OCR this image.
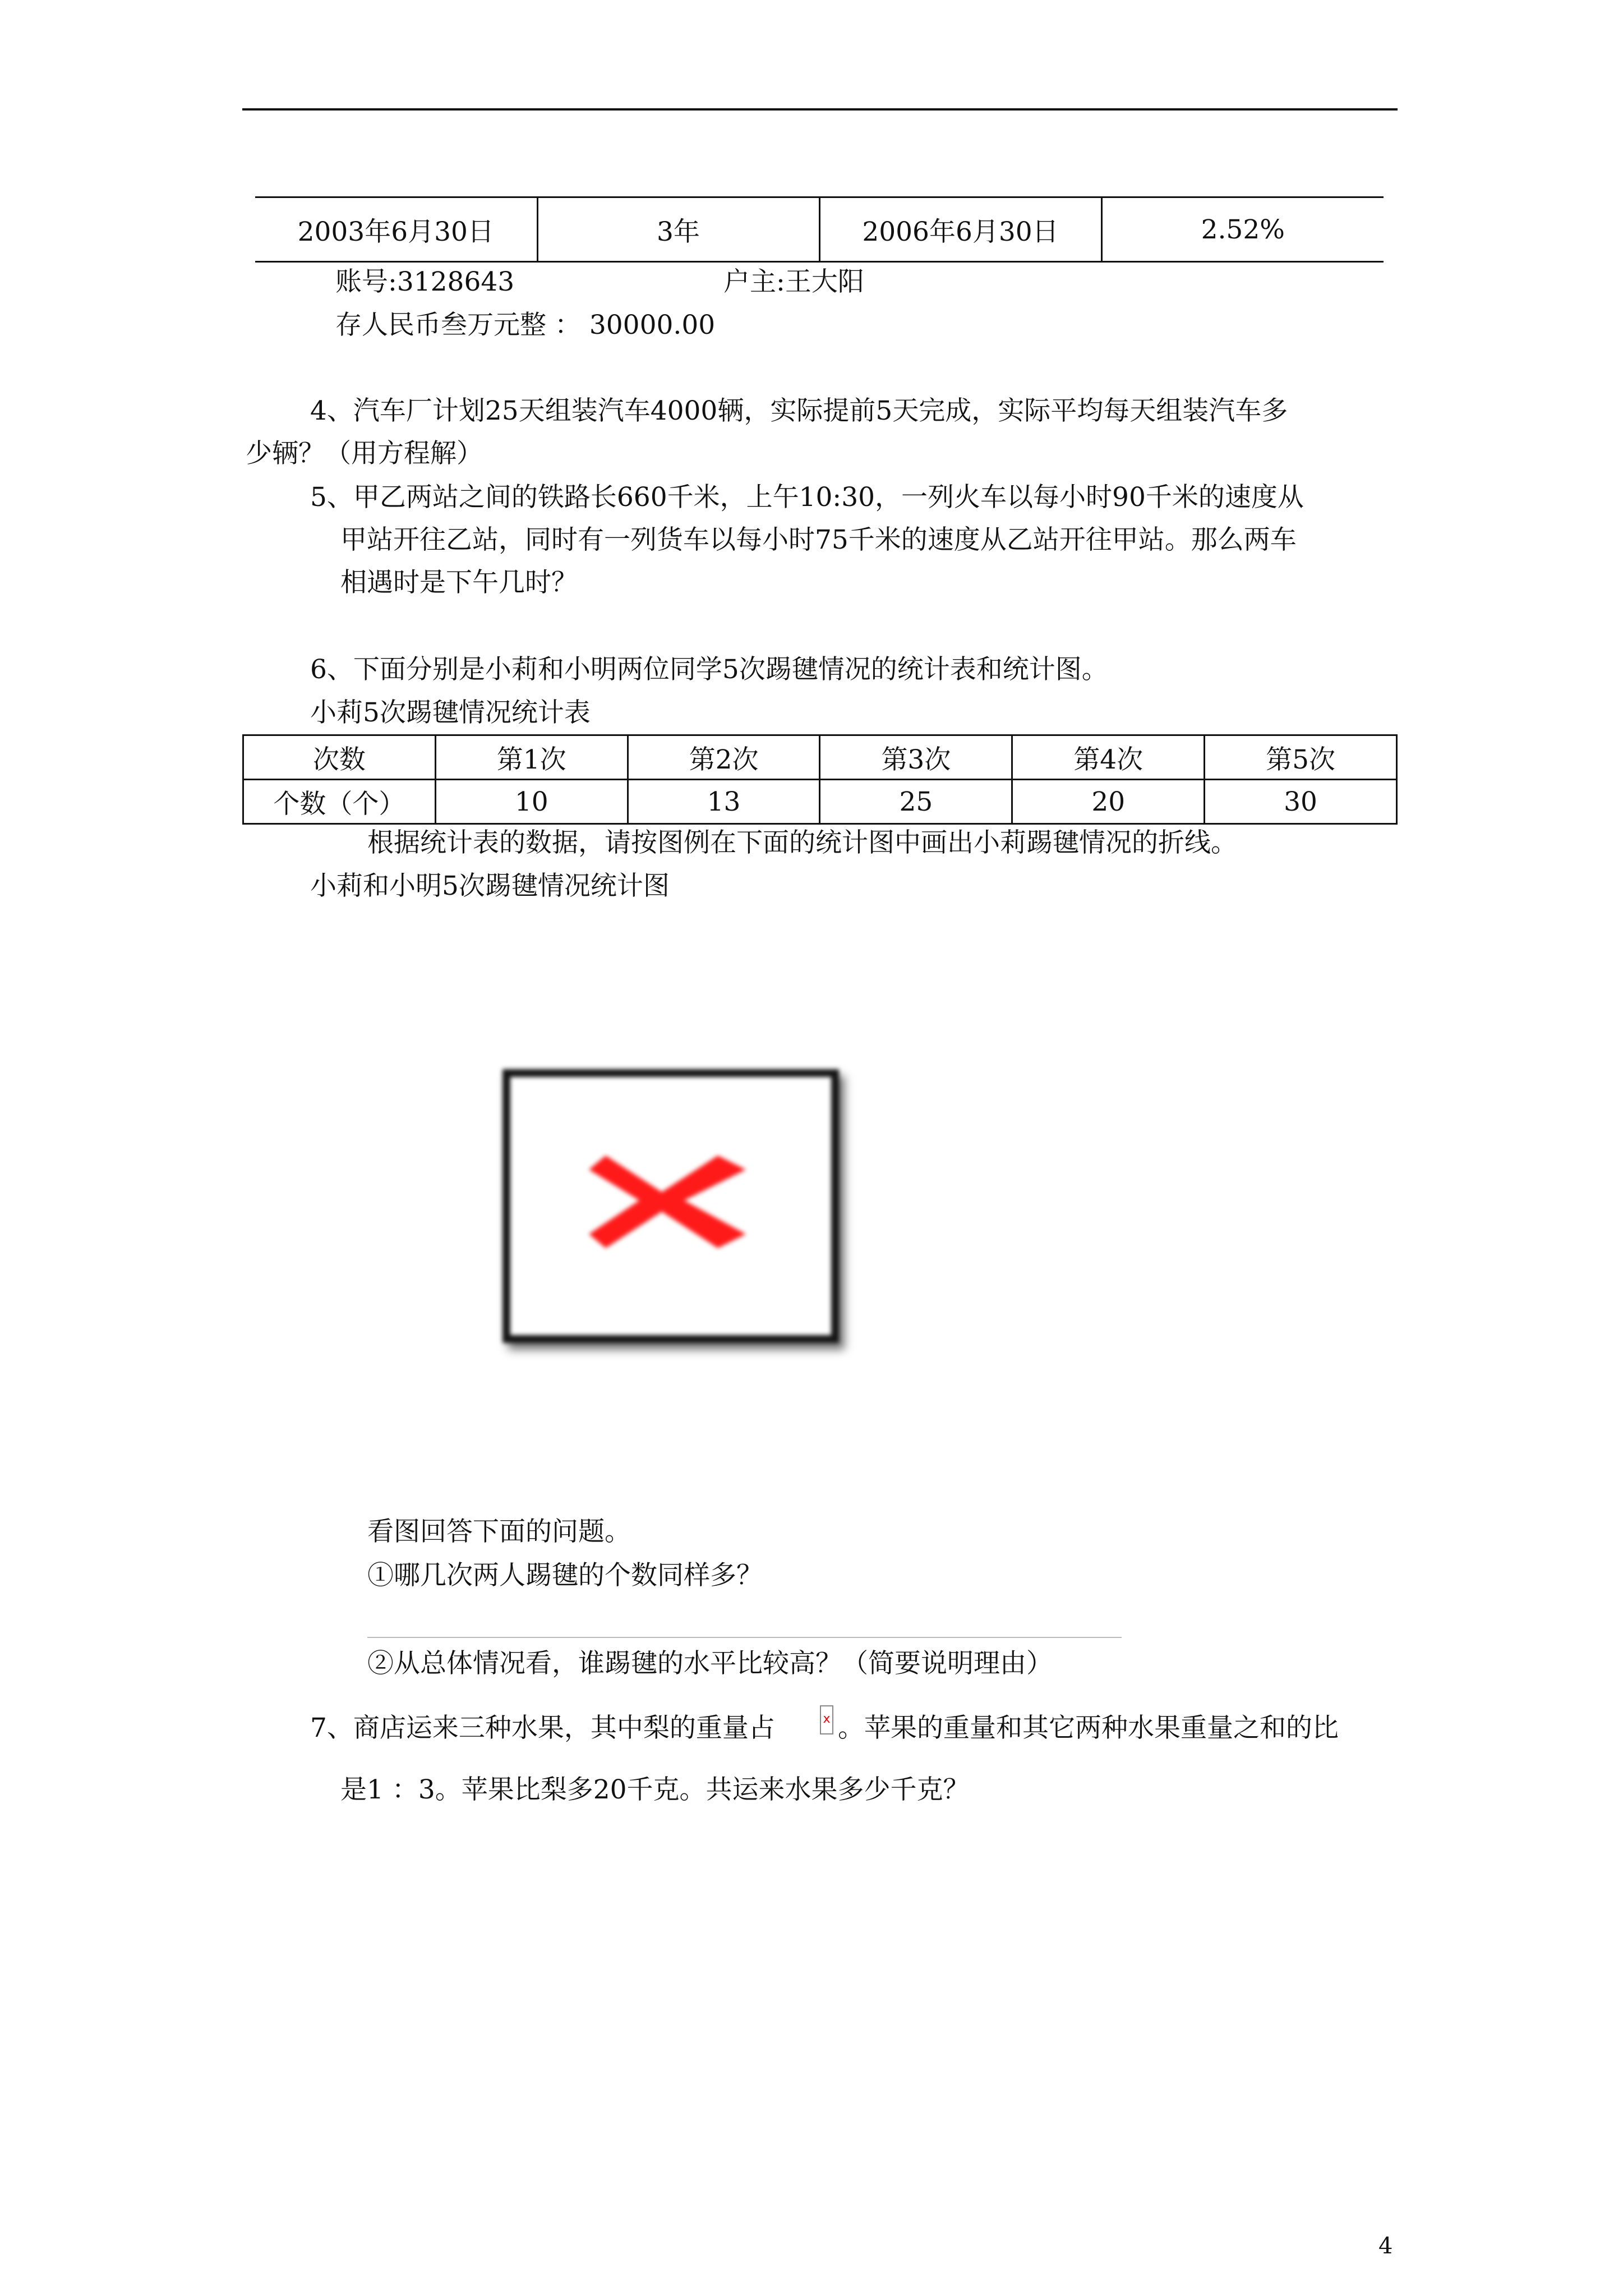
2003年6月30日	3年	2006年6月30日	2.52%
账号:3128643	户主:王大阳
存人民币叁万元整 ： 30000.00
4、汽车厂计划25天组装汽车4000辆，实际提前5天完成，实际平均每天组装汽车多
少辆？（用方程解）
5、甲乙两站之间的铁路长660千米，上午10:30，一列火车以每小时90千米的速度从
甲站开往乙站，同时有一列货车以每小时75千米的速度从乙站开往甲站。那么两车
相遇时是下午几时？
6、下面分别是小莉和小明两位同学5次踢毽情况的统计表和统计图。
小莉5次踢毽情况统计表
次数	第1次	第2次	第3次	第4次	第5次
个数（个）	10	13	25	20	30
根据统计表的数据，请按图例在下面的统计图中画出小莉踢毽情况的折线。
小莉和小明5次踢毽情况统计图
看图回答下面的问题。
①哪几次两人踢毽的个数同样多？
②从总体情况看，谁踢毽的水平比较高？（简要说明理由）
7、商店运来三种水果，其中梨的重量占	x 。苹果的重量和其它两种水果重量之和的比
是1 ：3。苹果比梨多20千克。共运来水果多少千克？
4
